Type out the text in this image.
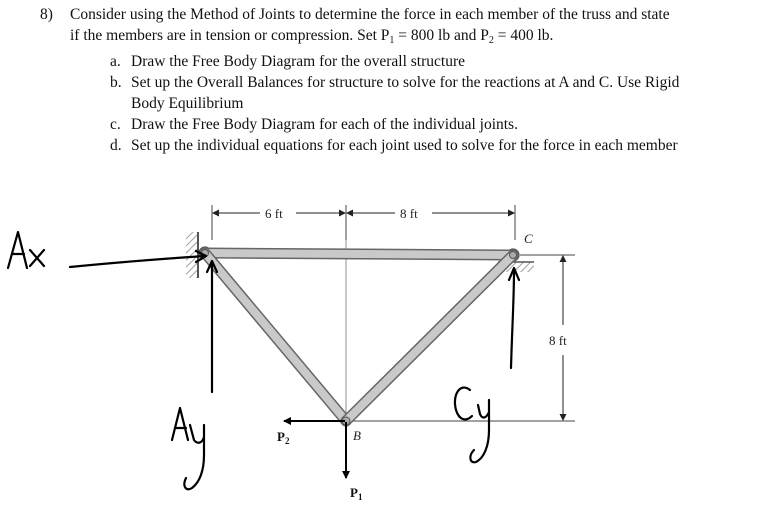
8) Consider using the Method of Joints to determine the force in each member of the truss and state
if the members are in tension or compression. Set $P_1 = 800$ lb and $P_2 = 400$ lb.
a. Draw the Free Body Diagram for the overall structure
b. Set up the Overall Balances for structure to solve for the reactions at A and C. Use Rigid
Body Equilibrium
c. Draw the Free Body Diagram for each of the individual joints.
d. Set up the individual equations for each joint used to solve for the force in each member
6 ft	8 ft
8 ft
C
B
$P_2$
$P_1$
